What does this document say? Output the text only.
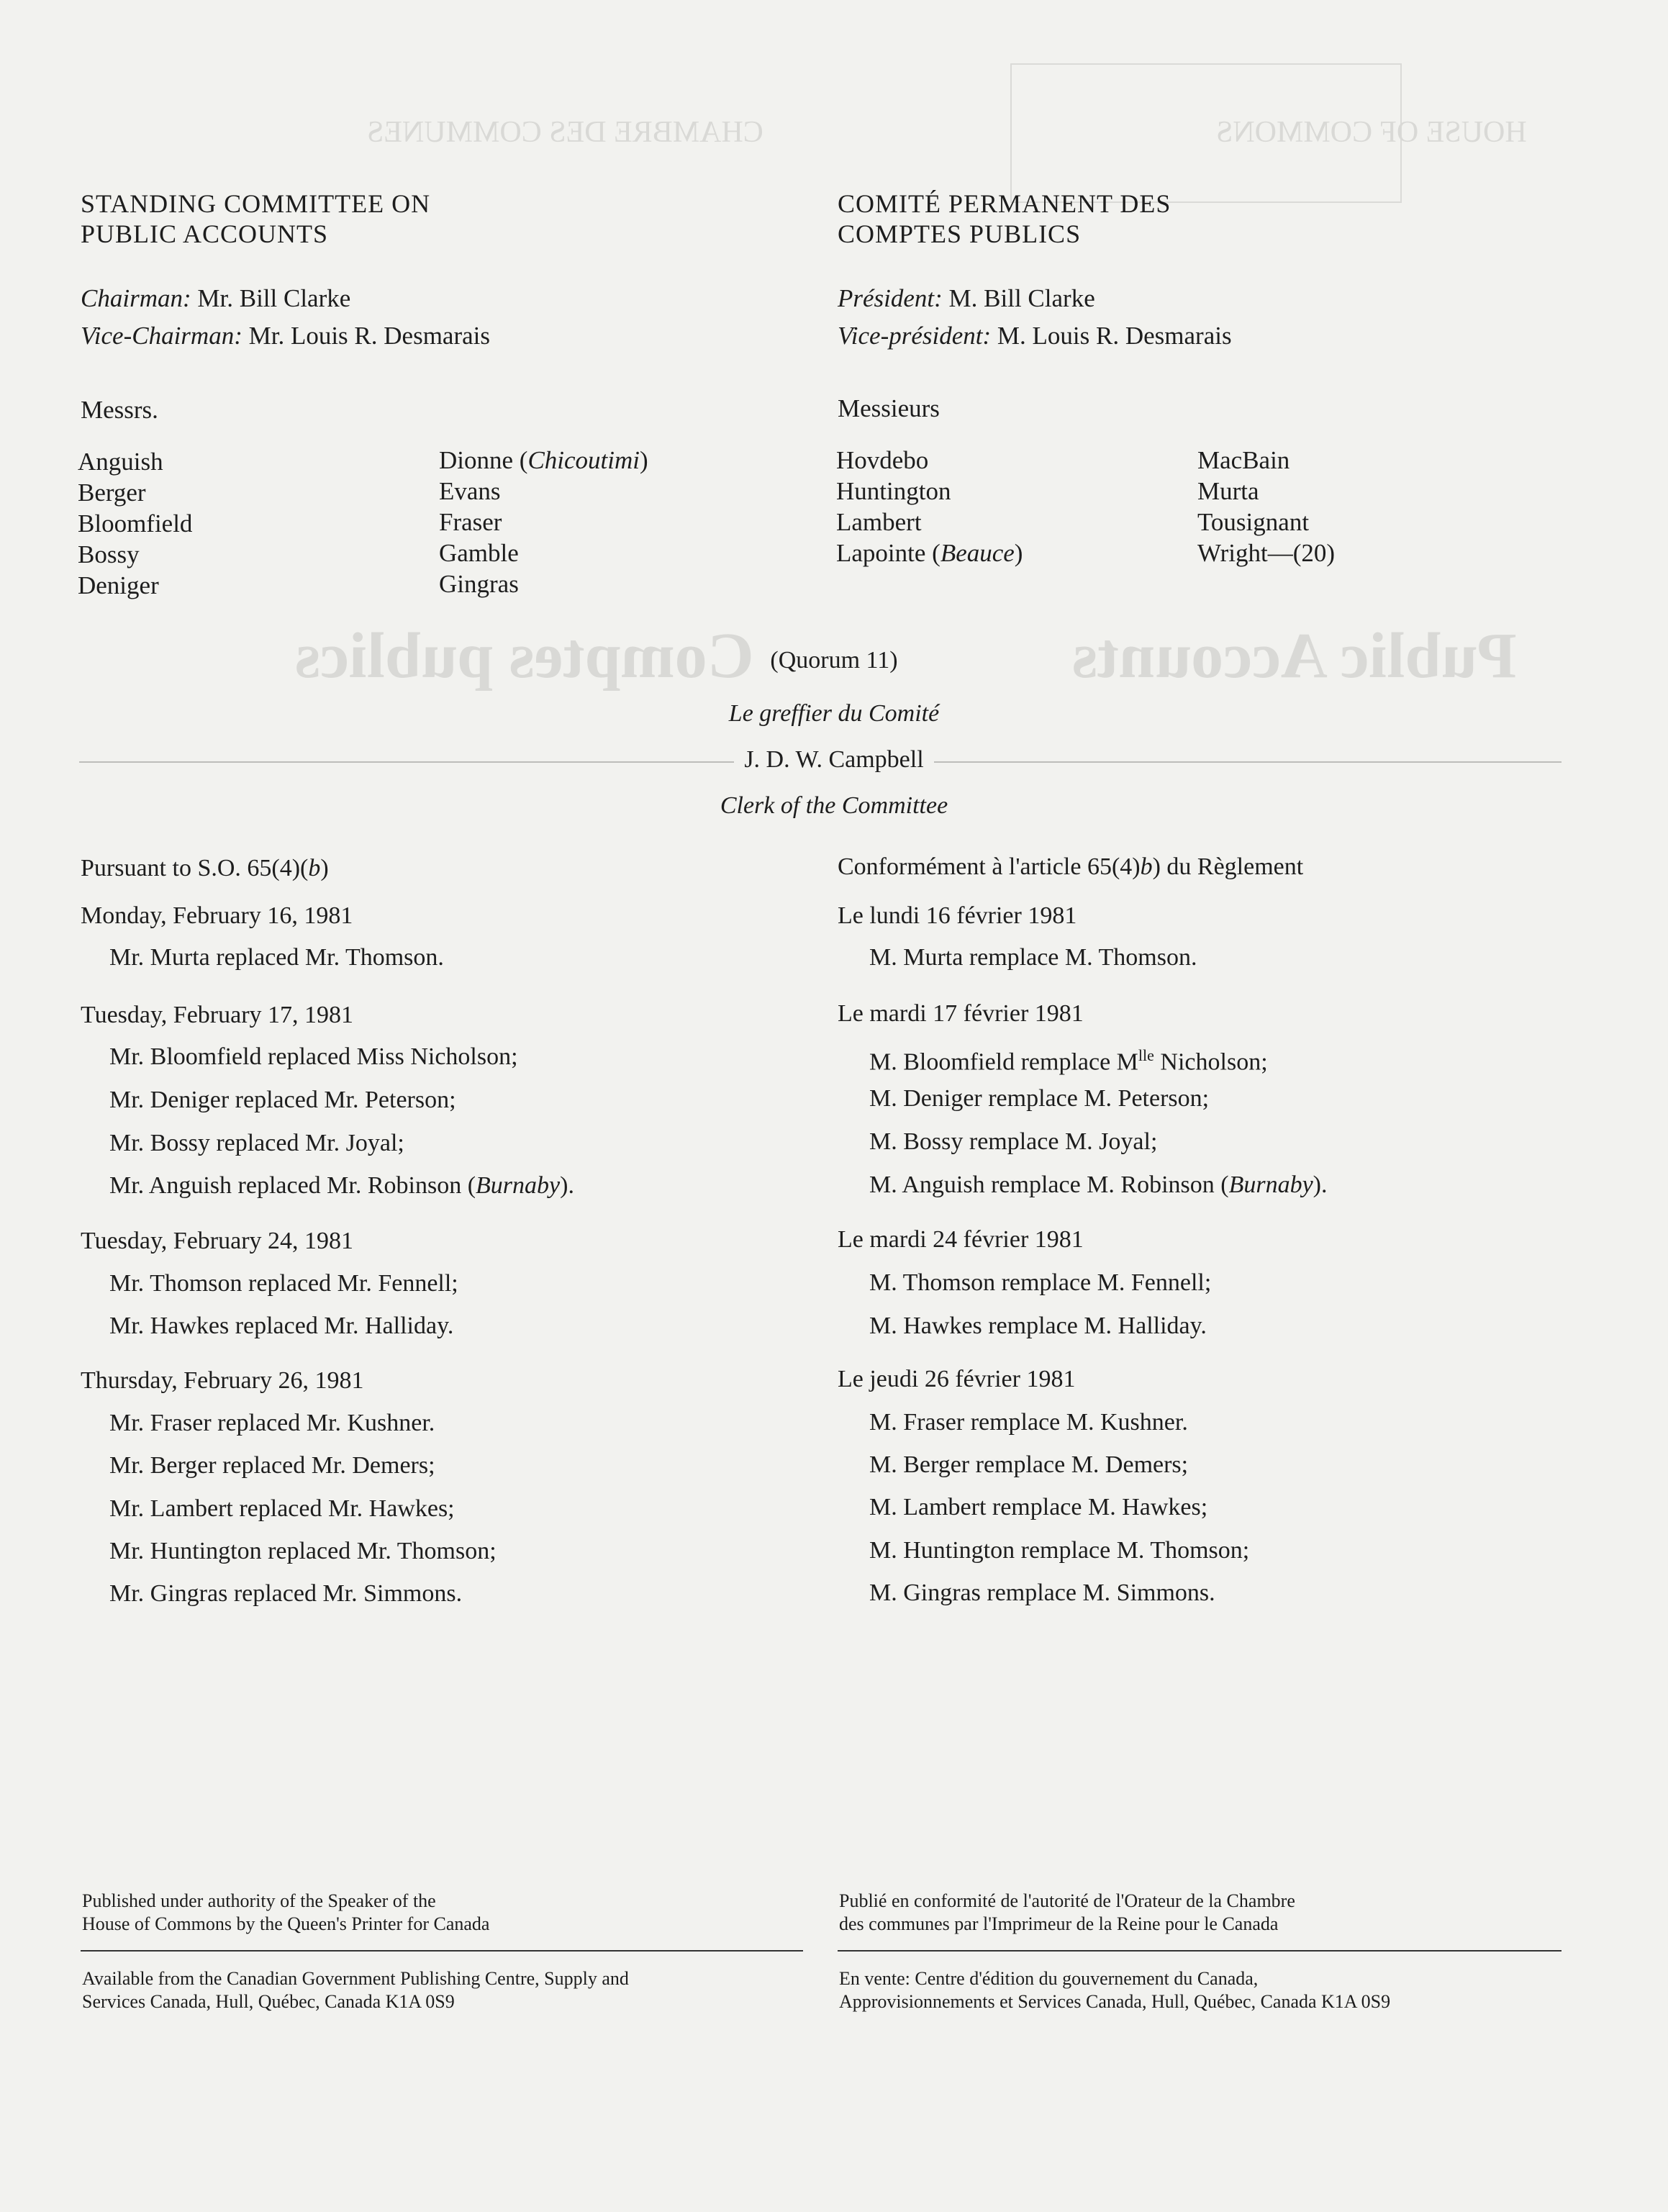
CHAMBRE DES COMMUNES	HOUSE OF COMMONS
Comptes publics	Public Accounts
STANDING COMMITTEE ON
PUBLIC ACCOUNTS
COMITÉ PERMANENT DES
COMPTES PUBLICS
Chairman: Mr. Bill Clarke
Vice-Chairman: Mr. Louis R. Desmarais
Président: M. Bill Clarke
Vice-président: M. Louis R. Desmarais
Messrs.	Messieurs
Anguish
Berger
Bloomfield
Bossy
Deniger
Dionne (Chicoutimi)
Evans
Fraser
Gamble
Gingras
Hovdebo
Huntington
Lambert
Lapointe (Beauce)
MacBain
Murta
Tousignant
Wright—(20)
(Quorum 11)
Le greffier du Comité
J. D. W. Campbell
Clerk of the Committee
Pursuant to S.O. 65(4)(b)	Conformément à l'article 65(4)b) du Règlement
Monday, February 16, 1981
Mr. Murta replaced Mr. Thomson.
Tuesday, February 17, 1981
Mr. Bloomfield replaced Miss Nicholson;
Mr. Deniger replaced Mr. Peterson;
Mr. Bossy replaced Mr. Joyal;
Mr. Anguish replaced Mr. Robinson (Burnaby).
Tuesday, February 24, 1981
Mr. Thomson replaced Mr. Fennell;
Mr. Hawkes replaced Mr. Halliday.
Thursday, February 26, 1981
Mr. Fraser replaced Mr. Kushner.
Mr. Berger replaced Mr. Demers;
Mr. Lambert replaced Mr. Hawkes;
Mr. Huntington replaced Mr. Thomson;
Mr. Gingras replaced Mr. Simmons.
Le lundi 16 février 1981
M. Murta remplace M. Thomson.
Le mardi 17 février 1981
M. Bloomfield remplace $M^{lle}$ Nicholson;
M. Deniger remplace M. Peterson;
M. Bossy remplace M. Joyal;
M. Anguish remplace M. Robinson (Burnaby).
Le mardi 24 février 1981
M. Thomson remplace M. Fennell;
M. Hawkes remplace M. Halliday.
Le jeudi 26 février 1981
M. Fraser remplace M. Kushner.
M. Berger remplace M. Demers;
M. Lambert remplace M. Hawkes;
M. Huntington remplace M. Thomson;
M. Gingras remplace M. Simmons.
Published under authority of the Speaker of the
House of Commons by the Queen's Printer for Canada
Publié en conformité de l'autorité de l'Orateur de la Chambre
des communes par l'Imprimeur de la Reine pour le Canada
Available from the Canadian Government Publishing Centre, Supply and
Services Canada, Hull, Québec, Canada K1A 0S9
En vente: Centre d'édition du gouvernement du Canada,
Approvisionnements et Services Canada, Hull, Québec, Canada K1A 0S9
